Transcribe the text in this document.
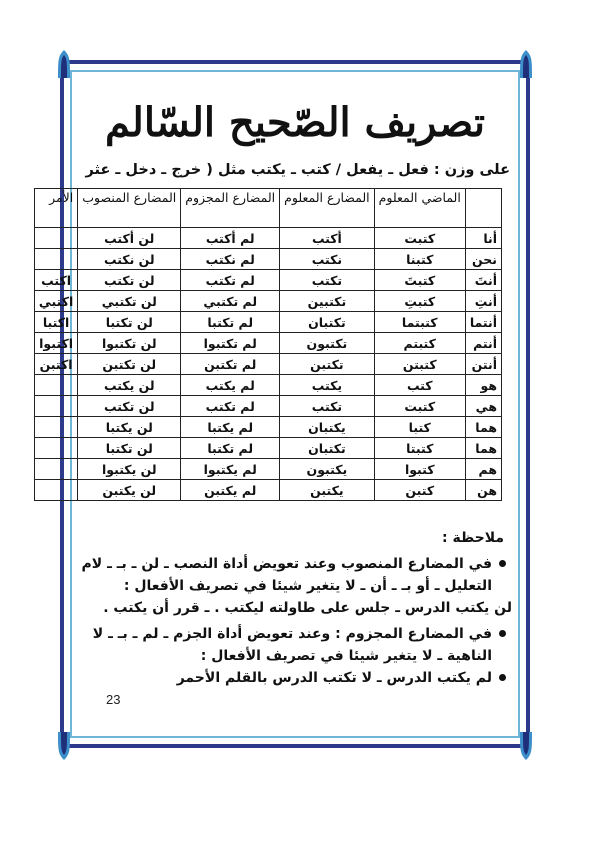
تصريف الصّحيح السّالم
على وزن : فعل ـ يفعل / كتب ـ يكتب مثل ( خرج ـ دخل ـ عثر
	الماضي المعلوم	المضارع المعلوم	المضارع المجزوم	المضارع المنصوب	الأمر
أنا	كتبت	أكتب	لم أكتب	لن أكتب	
نحن	كتبنا	نكتب	لم نكتب	لن نكتب	
أنتَ	كتبتَ	تكتب	لم تكتب	لن تكتب	اكتب
أنتِ	كتبتِ	تكتبين	لم تكتبي	لن تكتبي	اكتبي
أنتما	كتبتما	تكتبان	لم تكتبا	لن تكتبا	اكتبا
أنتم	كتبتم	تكتبون	لم تكتبوا	لن تكتبوا	اكتبوا
أنتن	كتبتن	تكتبن	لم تكتبن	لن تكتبن	اكتبن
هو	كتب	يكتب	لم يكتب	لن يكتب	
هي	كتبت	تكتب	لم تكتب	لن تكتب	
هما	كتبا	يكتبان	لم يكتبا	لن يكتبا	
هما	كتبتا	تكتبان	لم تكتبا	لن تكتبا	
هم	كتبوا	يكتبون	لم يكتبوا	لن يكتبوا	
هن	كتبن	يكتبن	لم يكتبن	لن يكتبن	
ملاحظة :
في المضارع المنصوب وعند تعويض أداة النصب ـ لن ـ بـ ـ لام التعليل ـ أو بـ ـ أن ـ لا يتغير شيئا في تصريف الأفعال :
لن يكتب الدرس ـ جلس على طاولته ليكتب . ـ قرر أن يكتب .
في المضارع المجزوم : وعند تعويض أداة الجزم ـ لم ـ بـ ـ لا الناهية ـ لا يتغير شيئا في تصريف الأفعال :
لم يكتب الدرس ـ لا تكتب الدرس بالقلم الأحمر
23
